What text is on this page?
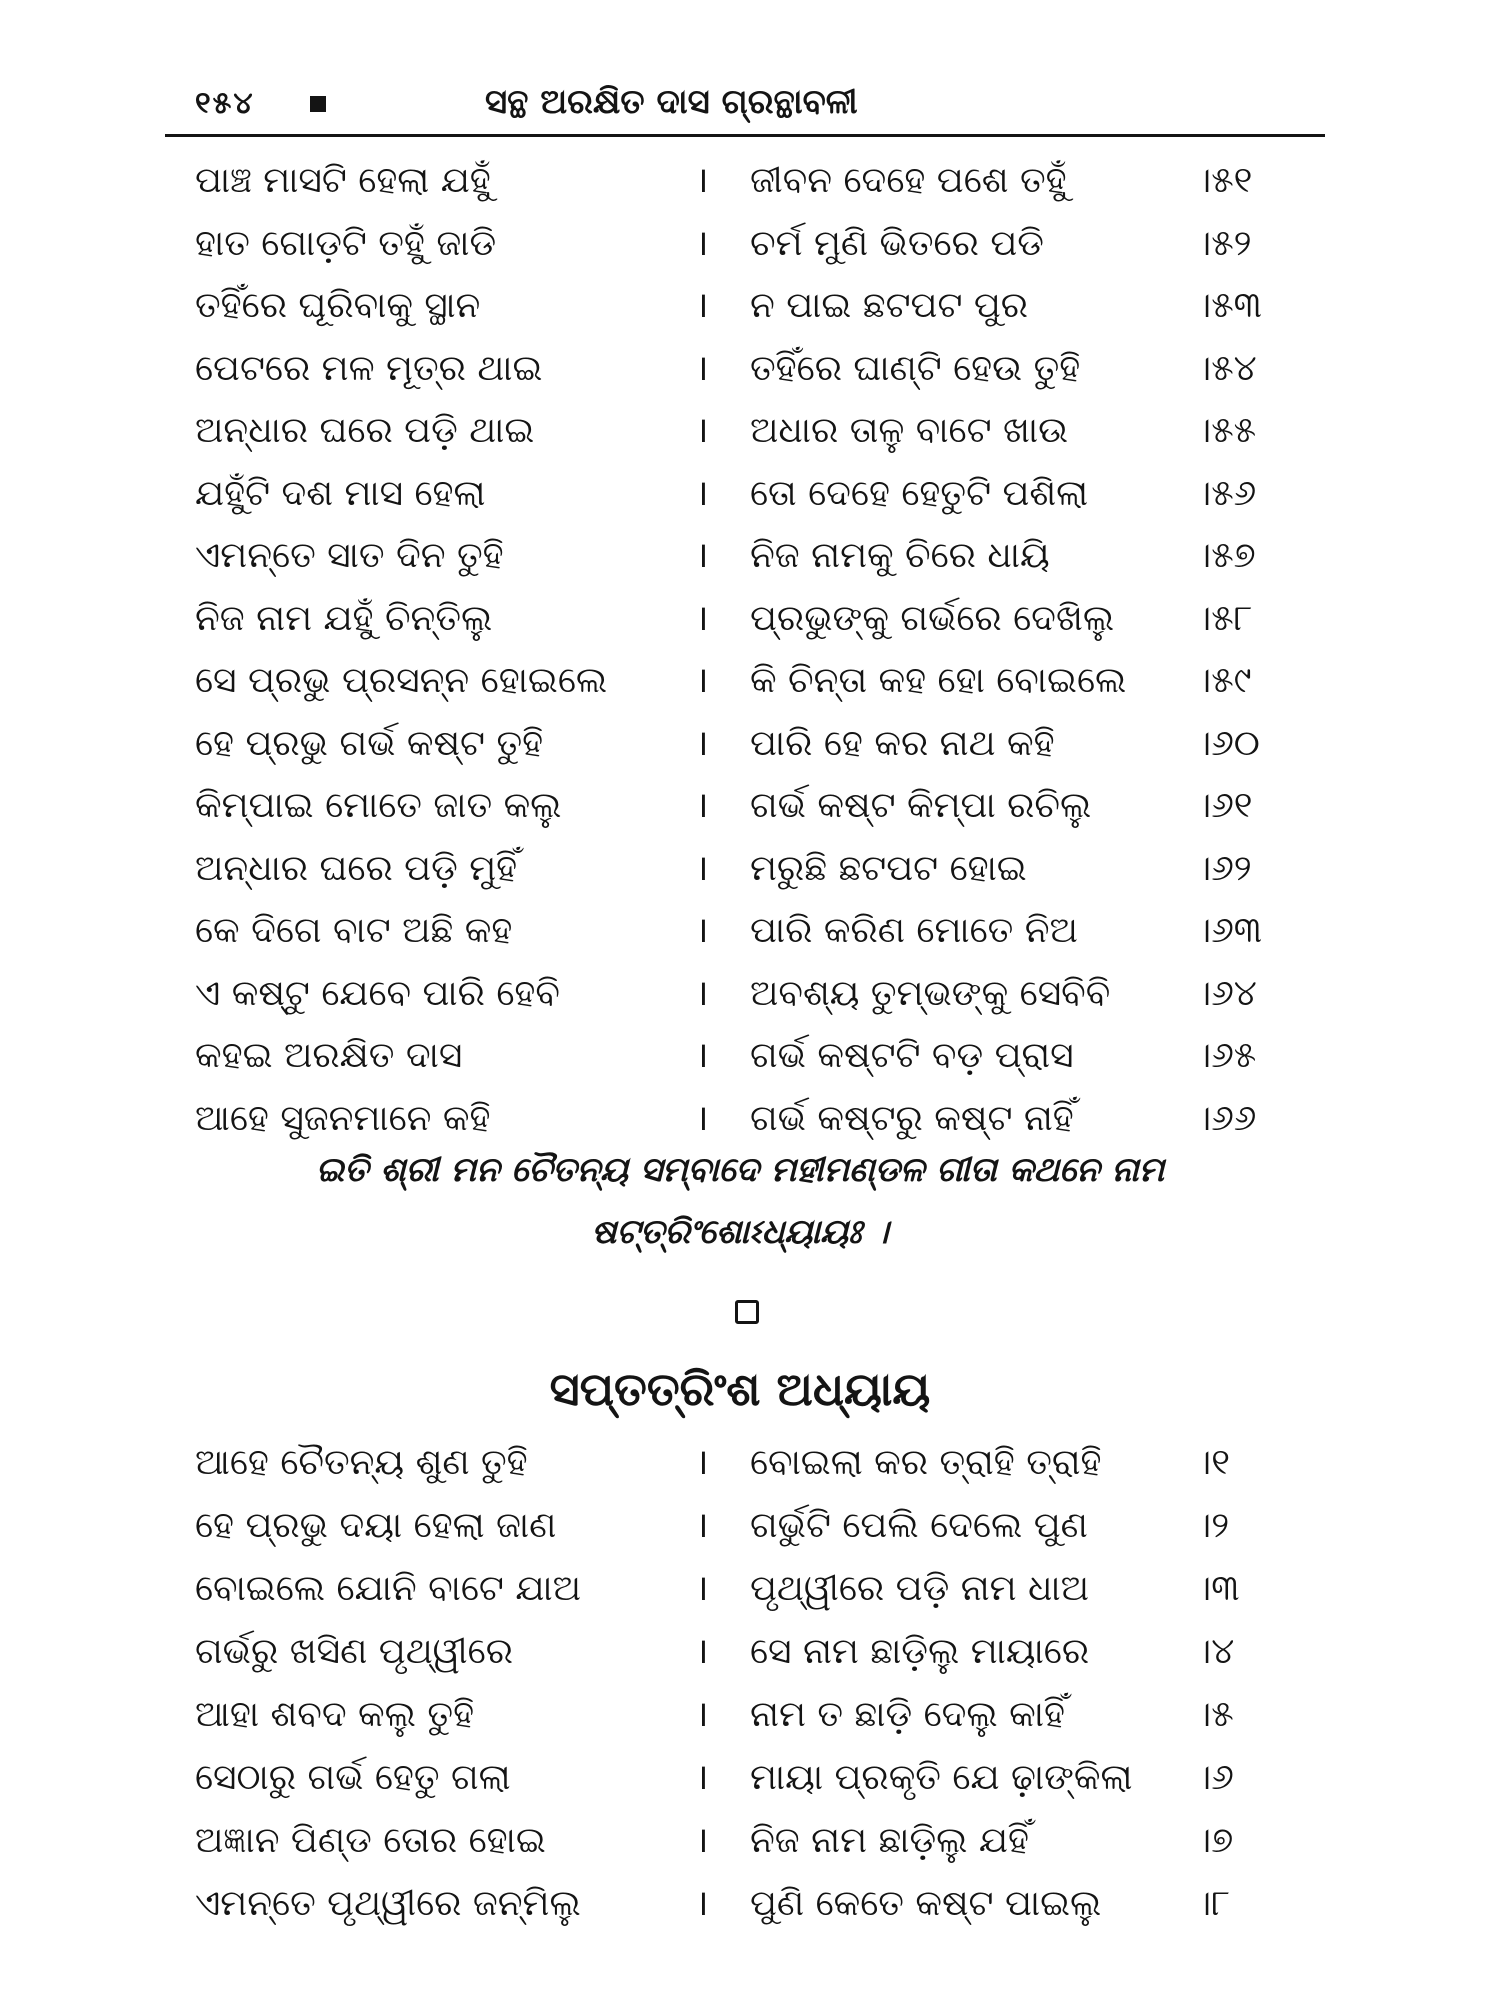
୧୫୪	ସନ୍ଥ ଅରକ୍ଷିତ ଦାସ ଗ୍ରନ୍ଥାବଳୀ
ପାଞ୍ଚ ମାସଟି ହେଲା ଯହୁଁ	। ଜୀବନ ଦେହେ ପଶେ ତହୁଁ	।୫୧
ହାତ ଗୋଡ଼ଟି ତହୁଁ ଜାଡି	। ଚର୍ମ ମୁଣି ଭିତରେ ପଡି	।୫୨
ତହିଁରେ ଘୂରିବାକୁ ସ୍ଥାନ	। ନ ପାଇ ଛଟପଟ ପୁର	।୫୩
ପେଟରେ ମଳ ମୂତ୍ର ଥାଇ	। ତହିଁରେ ଘାଣ୍ଟି ହେଉ ତୁହି	।୫୪
ଅନ୍ଧାର ଘରେ ପଡ଼ି ଥାଇ	। ଅଧାର ତାଳୁ ବାଟେ ଖାଉ	।୫୫
ଯହୁଁଟି ଦଶ ମାସ ହେଲା	। ତୋ ଦେହେ ହେତୁଟି ପଶିଲା	।୫୬
ଏମନ୍ତେ ସାତ ଦିନ ତୁହି	। ନିଜ ନାମକୁ ଚିରେ ଧାୟି	।୫୭
ନିଜ ନାମ ଯହୁଁ ଚିନ୍ତିଲୁ	। ପ୍ରଭୁଙ୍କୁ ଗର୍ଭରେ ଦେଖିଲୁ ।୫୮
ସେ ପ୍ରଭୁ ପ୍ରସନ୍ନ ହୋଇଲେ । କି ଚିନ୍ତା କହ ହୋ ବୋଇଲେ ।୫୯
ହେ ପ୍ରଭୁ ଗର୍ଭ କଷ୍ଟ ତୁହି	। ପାରି ହେ କର ନାଥ କହି	।୬୦
କିମ୍ପାଇ ମୋତେ ଜାତ କଲୁ	। ଗର୍ଭ କଷ୍ଟ କିମ୍ପା ରଚିଲୁ	।୬୧
ଅନ୍ଧାର ଘରେ ପଡ଼ି ମୁହିଁ	। ମରୁଛି ଛଟପଟ ହୋଇ	।୬୨
କେ ଦିଗେ ବାଟ ଅଛି କହ	। ପାରି କରିଣ ମୋତେ ନିଅ	।୬୩
ଏ କଷ୍ଟୁ ଯେବେ ପାରି ହେବି	। ଅବଶ୍ୟ ତୁମ୍ଭଙ୍କୁ ସେବିବି ।୬୪
କହଇ ଅରକ୍ଷିତ ଦାସ	। ଗର୍ଭ କଷ୍ଟଟି ବଡ଼ ପ୍ରାସ	।୬୫
ଆହେ ସୁଜନମାନେ କହି	। ଗର୍ଭ କଷ୍ଟରୁ କଷ୍ଟ ନାହିଁ	।୬୬
ଇତି ଶ୍ରୀ ମନ ଚୈତନ୍ୟ ସମ୍ବାଦେ ମହୀମଣ୍ଡଳ ଗୀତା କଥନେ ନାମ
ଷଟ୍‌ତ୍ରିଂଶୋଽଧ୍ୟାୟଃ ।
ସପ୍ତତ୍ରିଂଶ ଅଧ୍ୟାୟ
ଆହେ ଚୈତନ୍ୟ ଶୁଣ ତୁହି	। ବୋଇଲା କର ତ୍ରାହି ତ୍ରାହି	।୧
ହେ ପ୍ରଭୁ ଦୟା ହେଲା ଜାଣ	। ଗର୍ଭୁଟି ପେଲି ଦେଲେ ପୁଣ	।୨
ବୋଇଲେ ଯୋନି ବାଟେ ଯାଅ	। ପୃଥ୍ୱୀରେ ପଡ଼ି ନାମ ଧାଅ	।୩
ଗର୍ଭରୁ ଖସିଣ ପୃଥ୍ୱୀରେ	। ସେ ନାମ ଛାଡ଼ିଲୁ ମାୟାରେ	।୪
ଆହା ଶବଦ କଲୁ ତୁହି	। ନାମ ତ ଛାଡ଼ି ଦେଲୁ କାହିଁ	।୫
ସେଠାରୁ ଗର୍ଭ ହେତୁ ଗଲା	। ମାୟା ପ୍ରକୃତି ଯେ ଢ଼ାଙ୍କିଲା ।୬
ଅଜ୍ଞାନ ପିଣ୍ଡ ତୋର ହୋଇ	। ନିଜ ନାମ ଛାଡ଼ିଲୁ ଯହିଁ	।୭
ଏମନ୍ତେ ପୃଥ୍ୱୀରେ ଜନ୍ମିଲୁ	। ପୁଣି କେତେ କଷ୍ଟ ପାଇଲୁ	।୮
